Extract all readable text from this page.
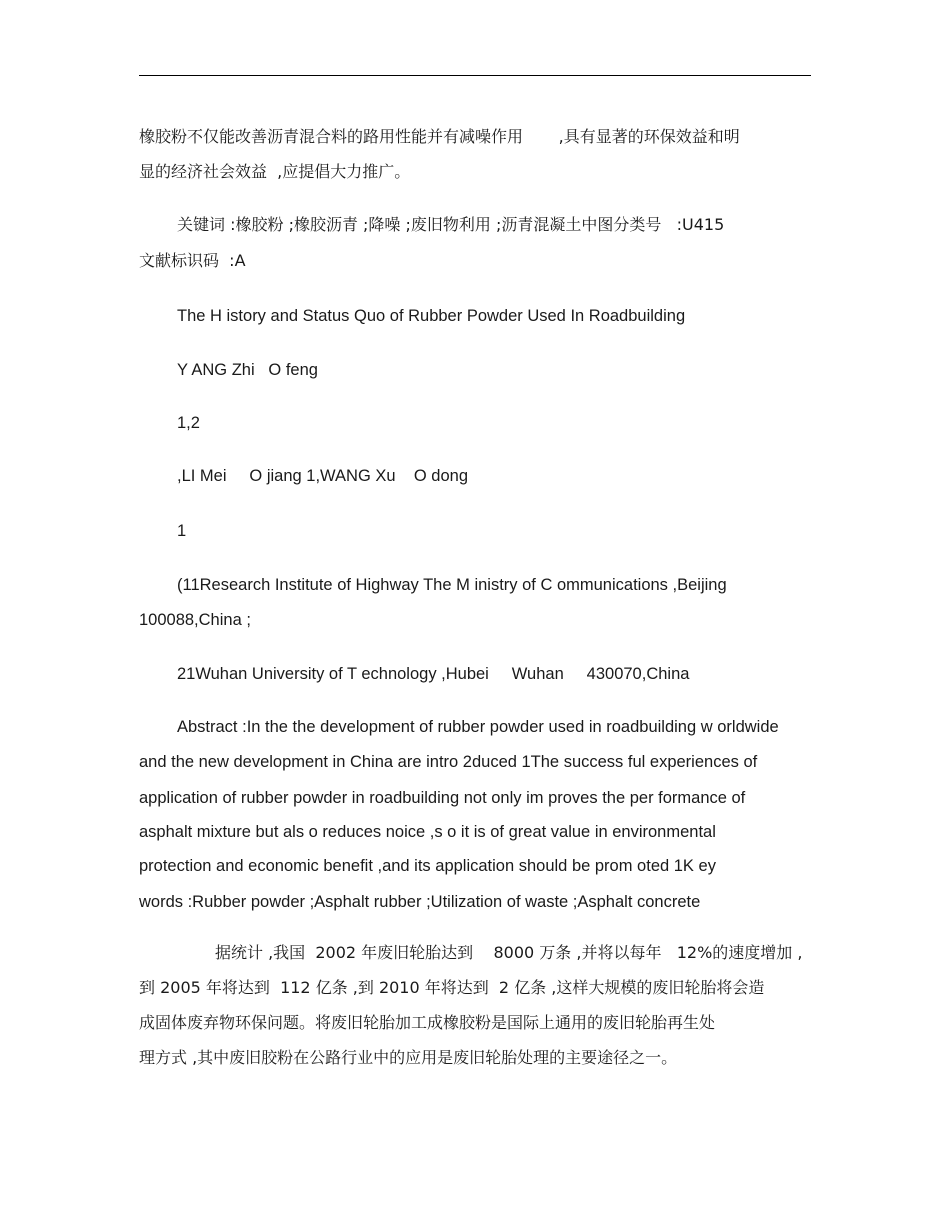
橡胶粉不仅能改善沥青混合料的路用性能并有减噪作用       ,具有显著的环保效益和明
显的经济社会效益  ,应提倡大力推广。
关键词 :橡胶粉 ;橡胶沥青 ;降噪 ;废旧物利用 ;沥青混凝土中图分类号   :U415
文献标识码  :A
The H istory and Status Quo of Rubber Powder Used In Roadbuilding
Y ANG Zhi   O feng
1,2
,LI Mei     O jiang 1,WANG Xu    O dong
1
(11Research Institute of Highway The M inistry of C ommunications ,Beijing
100088,China ;
21Wuhan University of T echnology ,Hubei     Wuhan     430070,China
Abstract :In the the development of rubber powder used in roadbuilding w orldwide
and the new development in China are intro 2duced 1The success ful experiences of
application of rubber powder in roadbuilding not only im proves the per formance of
asphalt mixture but als o reduces noice ,s o it is of great value in environmental
protection and economic benefit ,and its application should be prom oted 1K ey
words :Rubber powder ;Asphalt rubber ;Utilization of waste ;Asphalt concrete
据统计 ,我国  2002 年废旧轮胎达到    8000 万条 ,并将以每年   12%的速度增加 ,
到 2005 年将达到  112 亿条 ,到 2010 年将达到  2 亿条 ,这样大规模的废旧轮胎将会造
成固体废弃物环保问题。将废旧轮胎加工成橡胶粉是国际上通用的废旧轮胎再生处
理方式 ,其中废旧胶粉在公路行业中的应用是废旧轮胎处理的主要途径之一。
